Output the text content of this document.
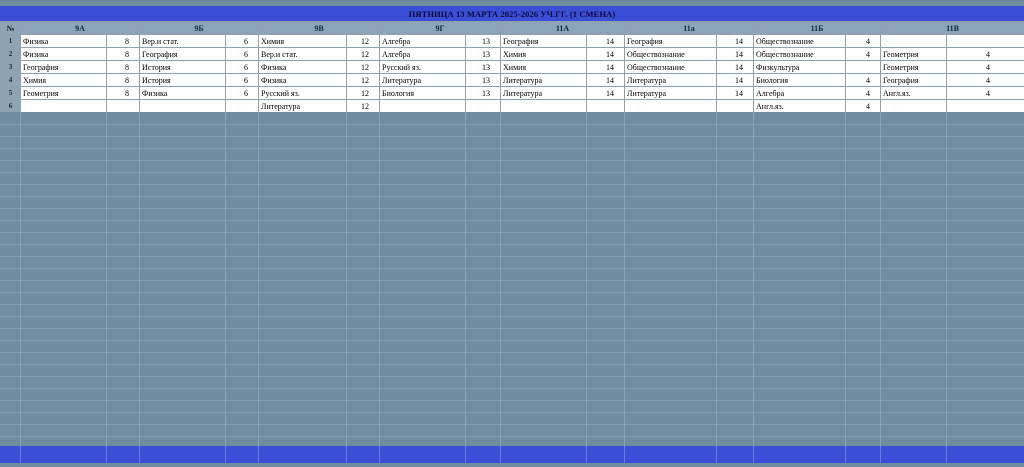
ПЯТНИЦА 13 МАРТА 2025-2026 УЧ.ГГ. (1 СМЕНА)
№	9А		9Б		9В		9Г		11А		11а		11Б		11В	
1	Физика	8	Вер.и стат.	6	Химия	12	Алгебра	13	География	14	География	14	Обществознание	4		
2	Физика	8	География	6	Вер.и стат.	12	Алгебра	13	Химия	14	Обществознание	14	Обществознание	4	Геометрия	4
3	География	8	История	6	Физика	12	Русский яз.	13	Химия	14	Обществознание	14	Физкультура		Геометрия	4
4	Химия	8	История	6	Физика	12	Литература	13	Литература	14	Литература	14	Биология	4	География	4
5	Геометрия	8	Физика	6	Русский яз.	12	Биология	13	Литература	14	Литература	14	Алгебра	4	Англ.яз.	4
6					Литература	12							Англ.яз.	4		
